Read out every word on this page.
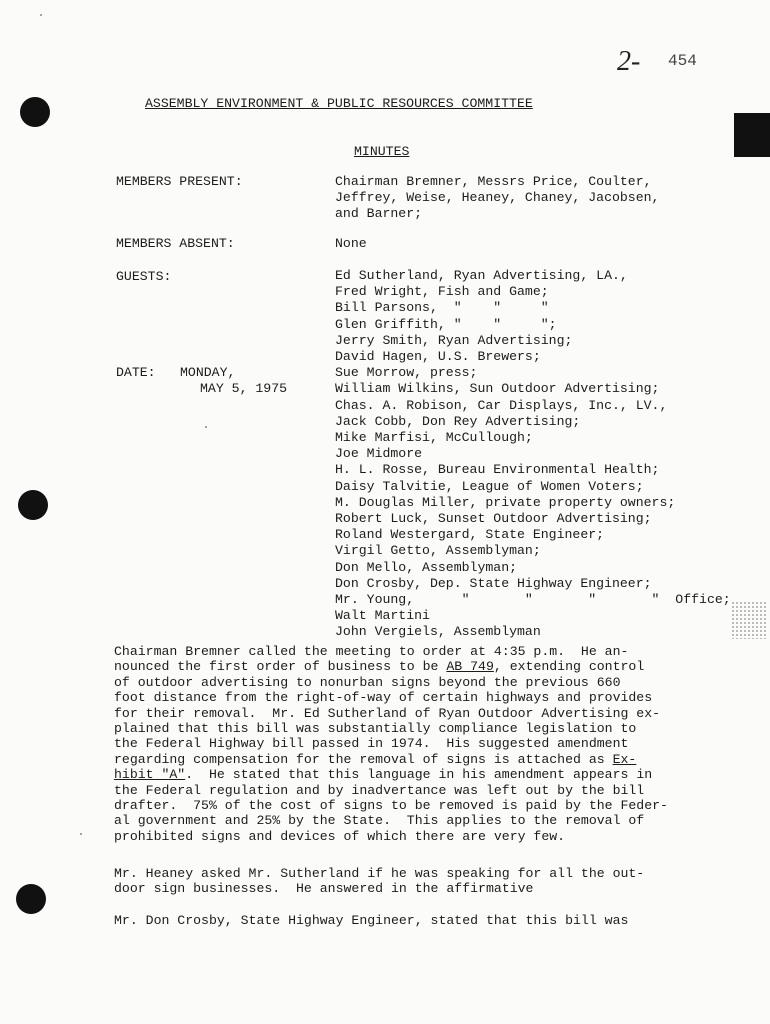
2- 454
ASSEMBLY ENVIRONMENT & PUBLIC RESOURCES COMMITTEE
MINUTES
MEMBERS PRESENT:	Chairman Bremner, Messrs Price, Coulter,
Jeffrey, Weise, Heaney, Chaney, Jacobsen,
and Barner;
MEMBERS ABSENT:	None
GUESTS:	Ed Sutherland, Ryan Advertising, LA.,
Fred Wright, Fish and Game;
Bill Parsons,  "    "     "
Glen Griffith, "    "     ";
Jerry Smith, Ryan Advertising;
David Hagen, U.S. Brewers;
Sue Morrow, press;
William Wilkins, Sun Outdoor Advertising;
Chas. A. Robison, Car Displays, Inc., LV.,
Jack Cobb, Don Rey Advertising;
Mike Marfisi, McCullough;
Joe Midmore
H. L. Rosse, Bureau Environmental Health;
Daisy Talvitie, League of Women Voters;
M. Douglas Miller, private property owners;
Robert Luck, Sunset Outdoor Advertising;
Roland Westergard, State Engineer;
Virgil Getto, Assemblyman;
Don Mello, Assemblyman;
Don Crosby, Dep. State Highway Engineer;
Mr. Young,      "       "       "       "  Office;
Walt Martini
John Vergiels, Assemblyman
DATE: MONDAY,
MAY 5, 1975
Chairman Bremner called the meeting to order at 4:35 p.m.  He an-
nounced the first order of business to be AB 749, extending control
of outdoor advertising to nonurban signs beyond the previous 660
foot distance from the right-of-way of certain highways and provides
for their removal.  Mr. Ed Sutherland of Ryan Outdoor Advertising ex-
plained that this bill was substantially compliance legislation to
the Federal Highway bill passed in 1974.  His suggested amendment
regarding compensation for the removal of signs is attached as Ex-
hibit "A".  He stated that this language in his amendment appears in
the Federal regulation and by inadvertance was left out by the bill
drafter.  75% of the cost of signs to be removed is paid by the Feder-
al government and 25% by the State.  This applies to the removal of
prohibited signs and devices of which there are very few.
Mr. Heaney asked Mr. Sutherland if he was speaking for all the out-
door sign businesses.  He answered in the affirmative
Mr. Don Crosby, State Highway Engineer, stated that this bill was
